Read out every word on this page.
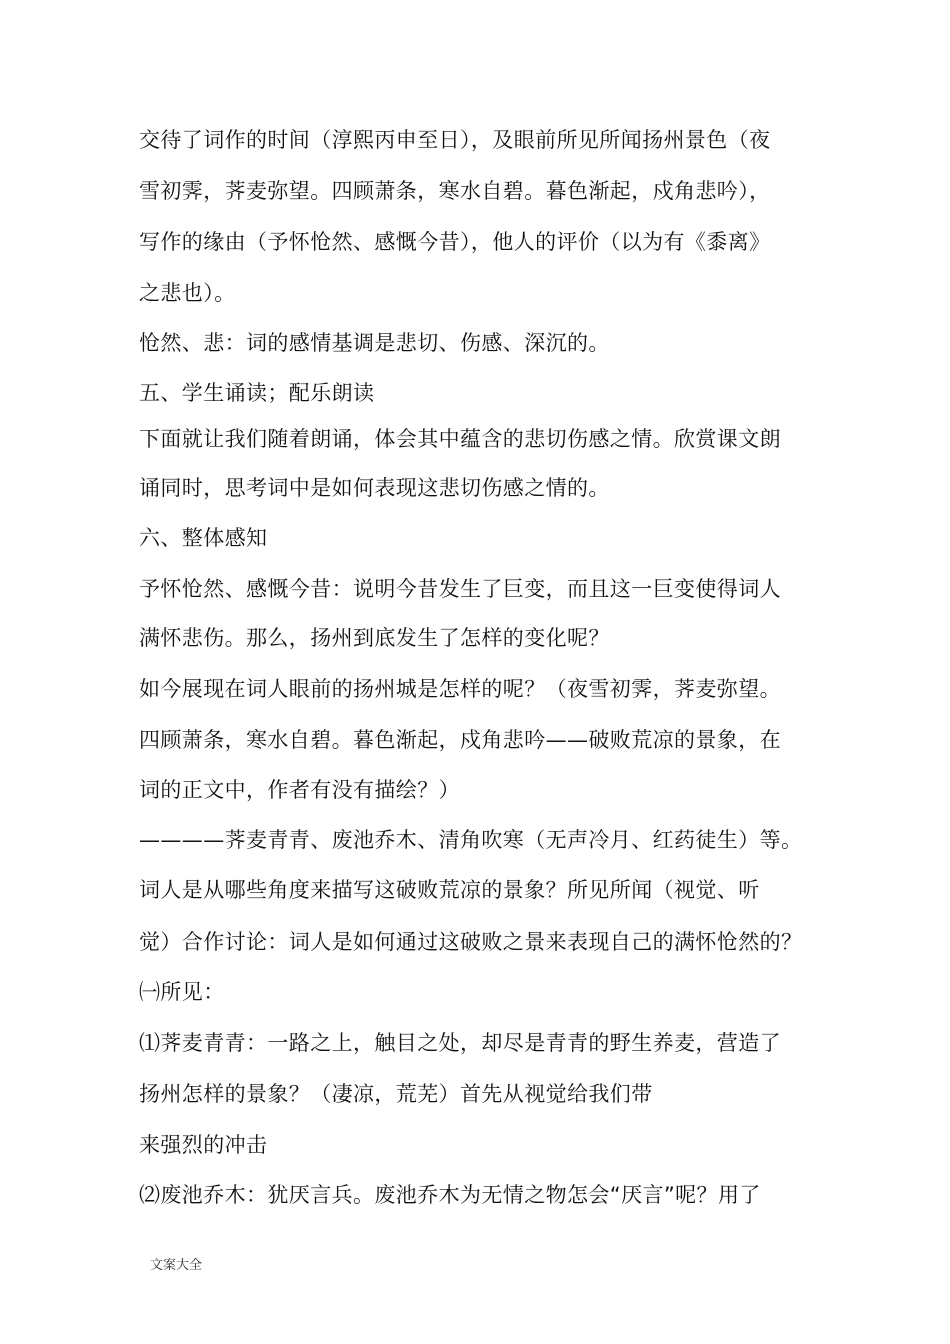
交待了词作的时间（淳熙丙申至日），及眼前所见所闻扬州景色（夜
雪初霁，荠麦弥望。四顾萧条，寒水自碧。暮色渐起，戍角悲吟），
写作的缘由（予怀怆然、感慨今昔），他人的评价（以为有《黍离》
之悲也）。
怆然、悲：词的感情基调是悲切、伤感、深沉的。
五、学生诵读；配乐朗读
下面就让我们随着朗诵，体会其中蕴含的悲切伤感之情。欣赏课文朗
诵同时，思考词中是如何表现这悲切伤感之情的。
六、整体感知
予怀怆然、感慨今昔：说明今昔发生了巨变，而且这一巨变使得词人
满怀悲伤。那么，扬州到底发生了怎样的变化呢？
如今展现在词人眼前的扬州城是怎样的呢？（夜雪初霁，荠麦弥望。
四顾萧条，寒水自碧。暮色渐起，戍角悲吟——破败荒凉的景象，在
词的正文中，作者有没有描绘？）
————荠麦青青、废池乔木、清角吹寒（无声冷月、红药徒生）等。
词人是从哪些角度来描写这破败荒凉的景象？所见所闻（视觉、听
觉）合作讨论：词人是如何通过这破败之景来表现自己的满怀怆然的？
㈠所见：
⑴荠麦青青：一路之上，触目之处，却尽是青青的野生养麦，营造了
扬州怎样的景象？（凄凉，荒芜）首先从视觉给我们带
来强烈的冲击
⑵废池乔木：犹厌言兵。废池乔木为无情之物怎会“厌言”呢？用了
文案大全
